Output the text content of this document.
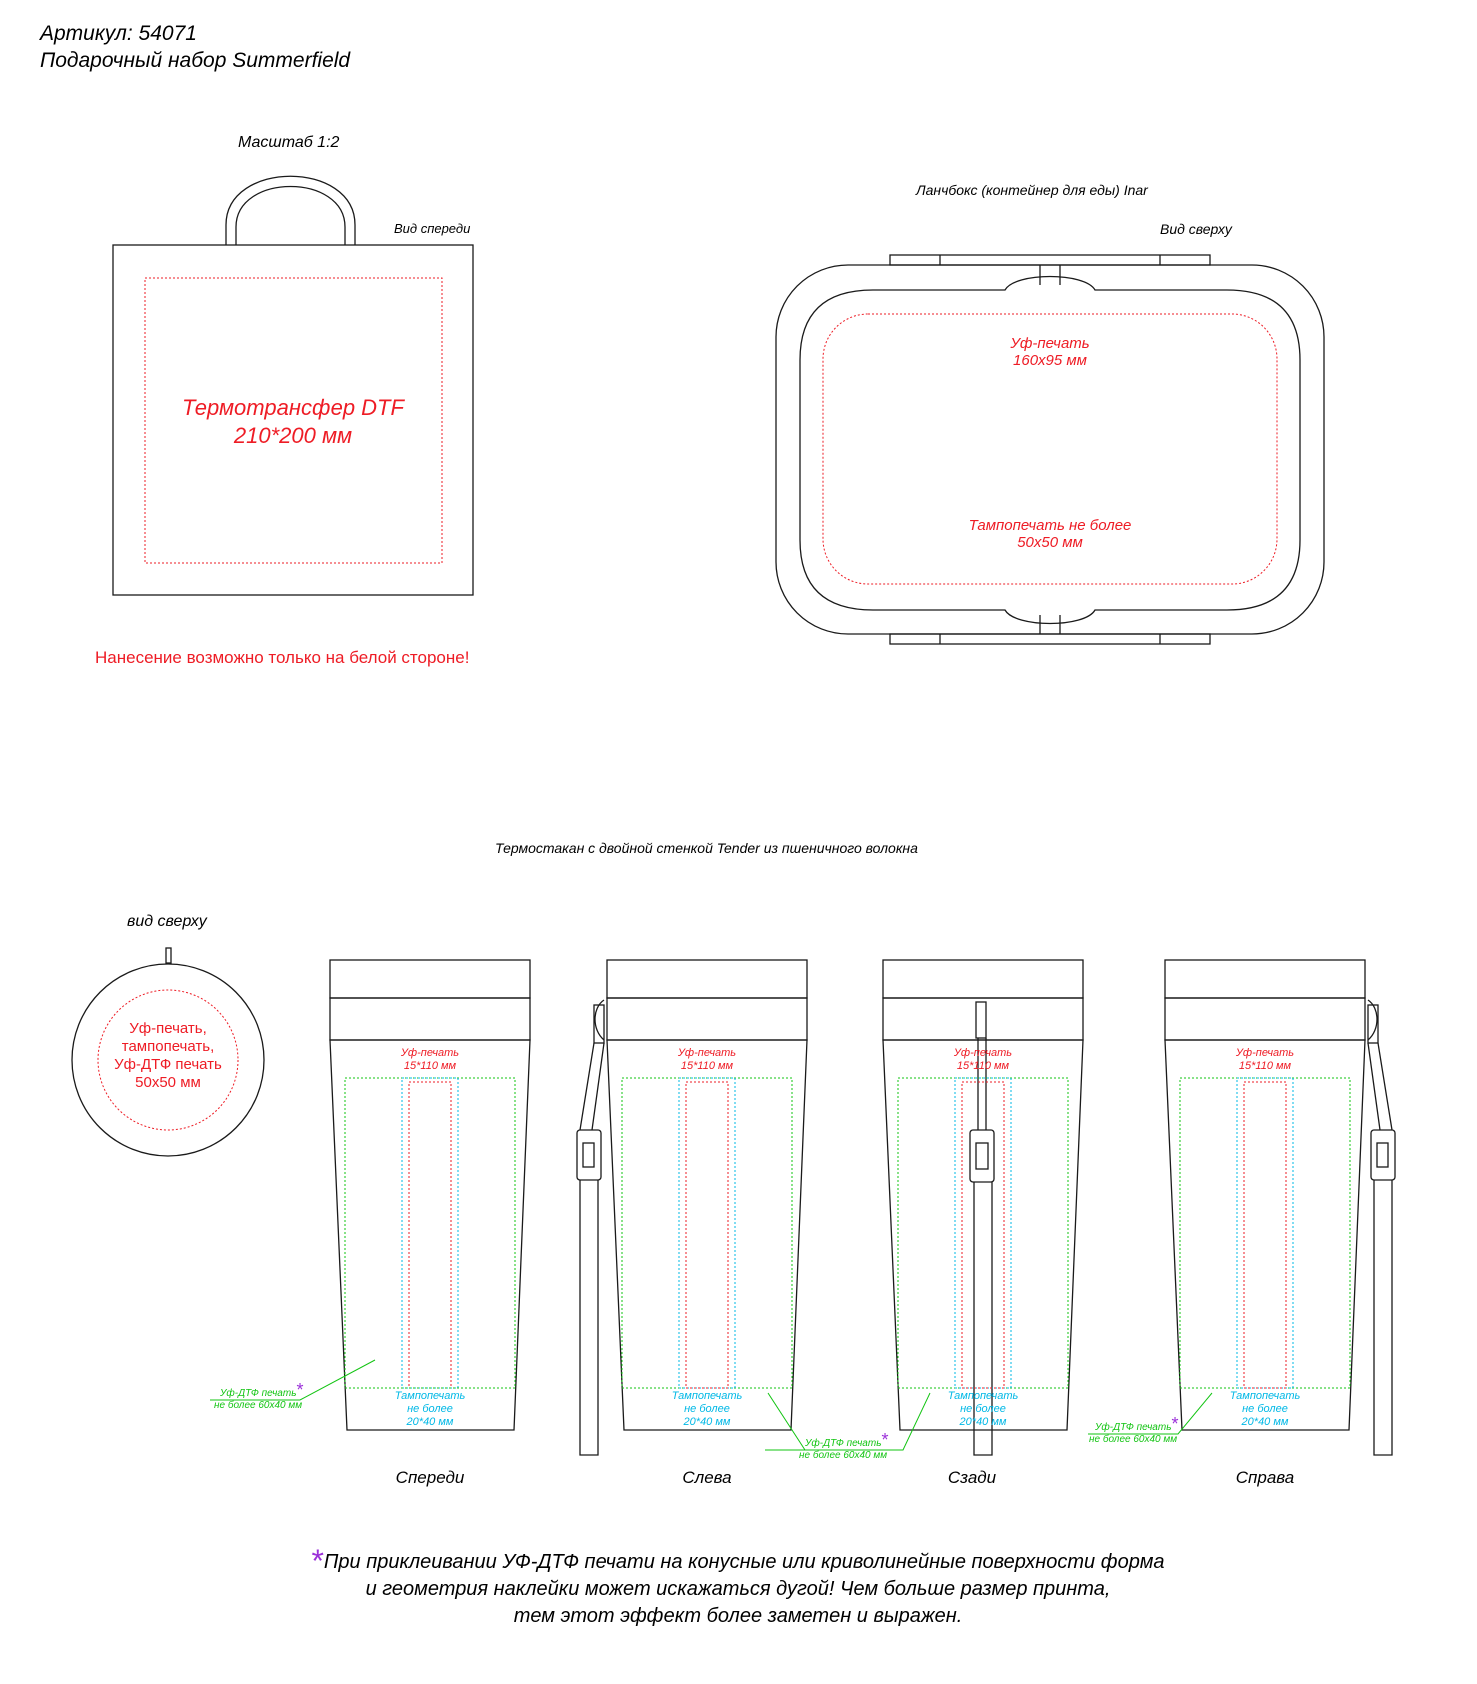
Артикул: 54071
Подарочный набор Summerfield
Масштаб 1:2
Вид спереди
Термотрансфер DTF
210*200 мм
Нанесение возможно только на белой стороне!
Ланчбокс (контейнер для еды) Inar
Вид сверху
Уф-печать
160х95 мм
Тампопечать не более
50х50 мм
Термостакан с двойной стенкой Tender из пшеничного волокна
вид сверху
Уф-печать,
тампопечать,
Уф-ДТФ печать
50х50 мм
Уф-печать
15*110 мм
Тампопечать
не более
20*40 мм
Уф-ДТФ печать*
не более 60х40 мм
Уф-печать
15*110 мм
Тампопечать
не более
20*40 мм
Уф-ДТФ печать*
не более 60х40 мм
Уф-печать
15*110 мм
Тампопечать
не более
20*40 мм
Уф-печать
15*110 мм
Тампопечать
не более
20*40 мм
Уф-ДТФ печать*
не более 60х40 мм
Спереди	Слева	Сзади	Справа
*При приклеивании УФ-ДТФ печати на конусные или криволинейные поверхности форма
и геометрия наклейки может искажаться дугой! Чем больше размер принта,
тем этот эффект более заметен и выражен.
